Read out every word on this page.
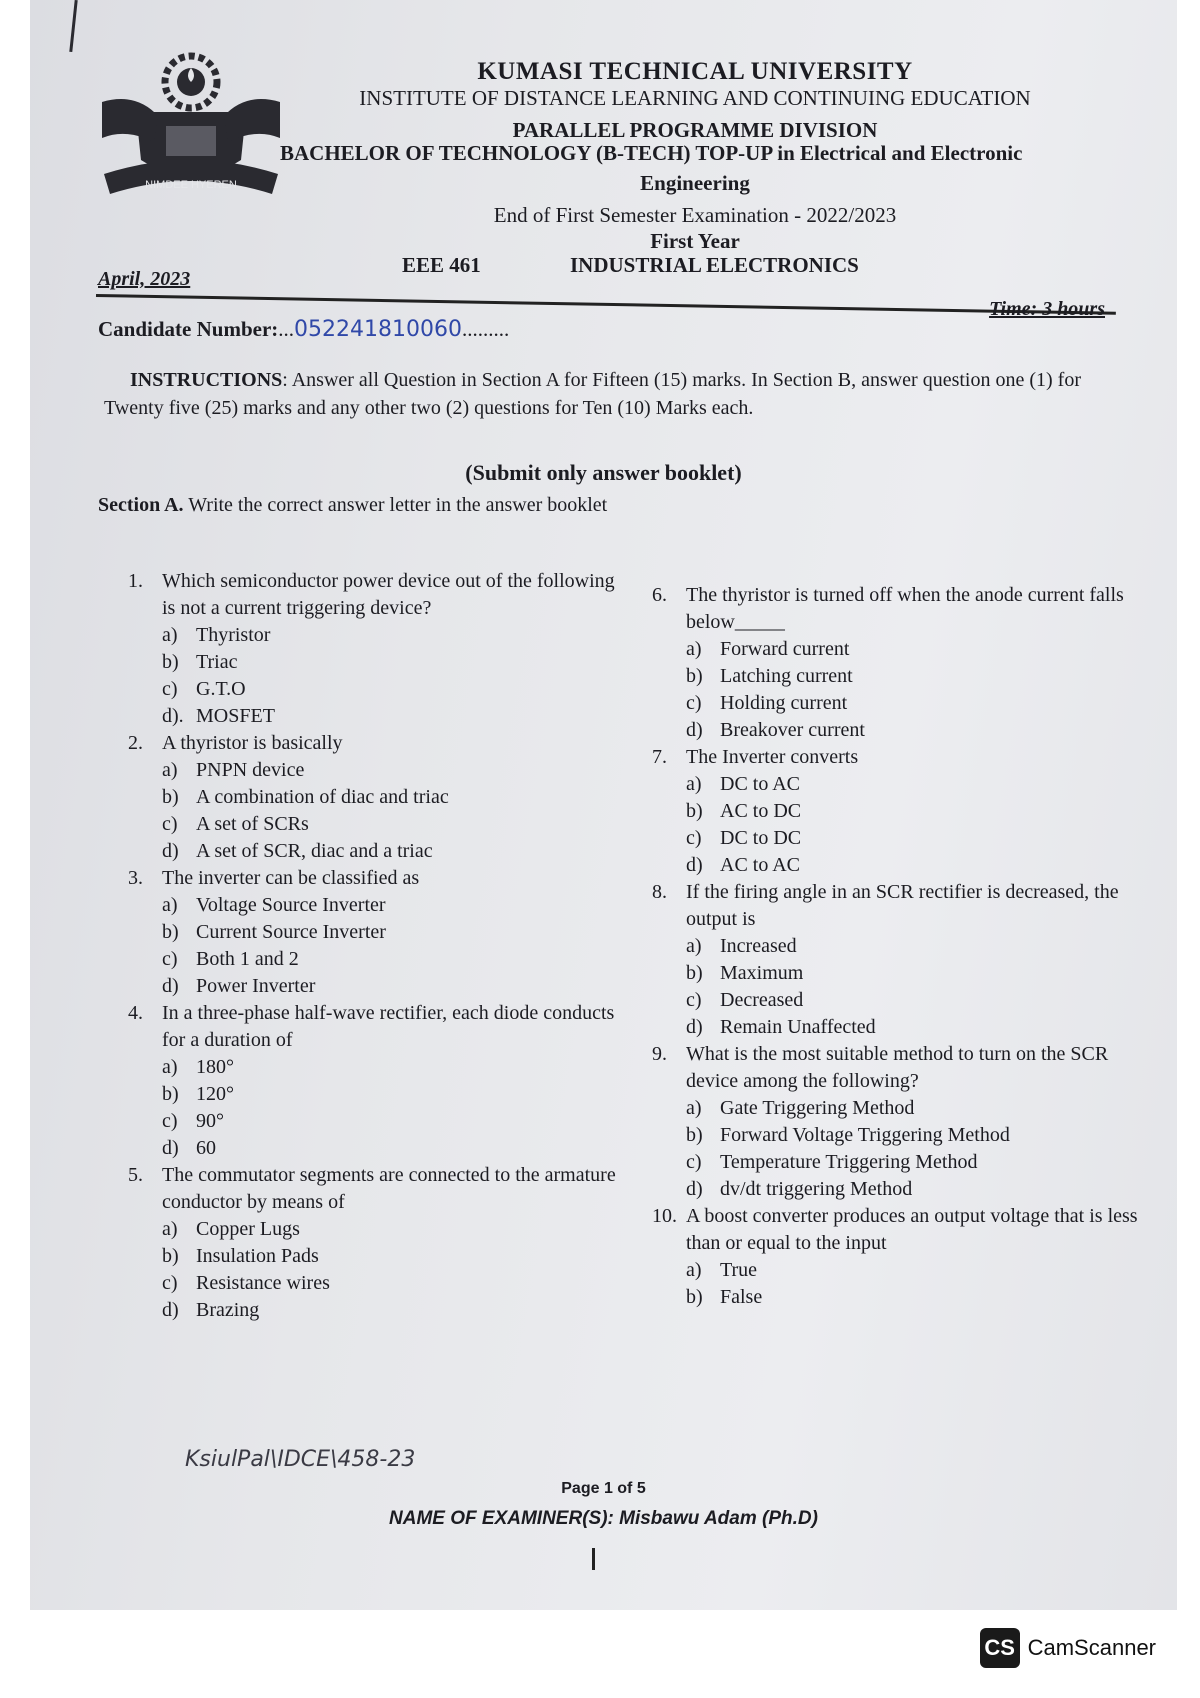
NIMDEE HYEREN
KUMASI TECHNICAL UNIVERSITY
INSTITUTE OF DISTANCE LEARNING AND CONTINUING EDUCATION
PARALLEL PROGRAMME DIVISION
BACHELOR OF TECHNOLOGY (B-TECH) TOP-UP in Electrical and Electronic
Engineering
End of First Semester Examination - 2022/2023
First Year
EEE 461	INDUSTRIAL ELECTRONICS
April, 2023
Time: 3 hours
Candidate Number:...052241810060.........
INSTRUCTIONS: Answer all Question in Section A for Fifteen (15) marks. In Section B, answer question one (1) for Twenty five (25) marks and any other two (2) questions for Ten (10) Marks each.
(Submit only answer booklet)
Section A. Write the correct answer letter in the answer booklet
1. Which semiconductor power device out of the following is not a current triggering device?
a) Thyristor
b) Triac
c) G.T.O
d). MOSFET
2. A thyristor is basically
a) PNPN device
b) A combination of diac and triac
c) A set of SCRs
d) A set of SCR, diac and a triac
3. The inverter can be classified as
a) Voltage Source Inverter
b) Current Source Inverter
c) Both 1 and 2
d) Power Inverter
4. In a three-phase half-wave rectifier, each diode conducts for a duration of
a) 180°
b) 120°
c) 90°
d) 60
5. The commutator segments are connected to the armature conductor by means of
a) Copper Lugs
b) Insulation Pads
c) Resistance wires
d) Brazing
6. The thyristor is turned off when the anode current falls below_____
a) Forward current
b) Latching current
c) Holding current
d) Breakover current
7. The Inverter converts
a) DC to AC
b) AC to DC
c) DC to DC
d) AC to AC
8. If the firing angle in an SCR rectifier is decreased, the output is
a) Increased
b) Maximum
c) Decreased
d) Remain Unaffected
9. What is the most suitable method to turn on the SCR device among the following?
a) Gate Triggering Method
b) Forward Voltage Triggering Method
c) Temperature Triggering Method
d) dv/dt triggering Method
10. A boost converter produces an output voltage that is less than or equal to the input
a) True
b) False
KsiulPal\IDCE\458-23
Page 1 of 5
NAME OF EXAMINER(S): Misbawu Adam (Ph.D)
CS CamScanner
